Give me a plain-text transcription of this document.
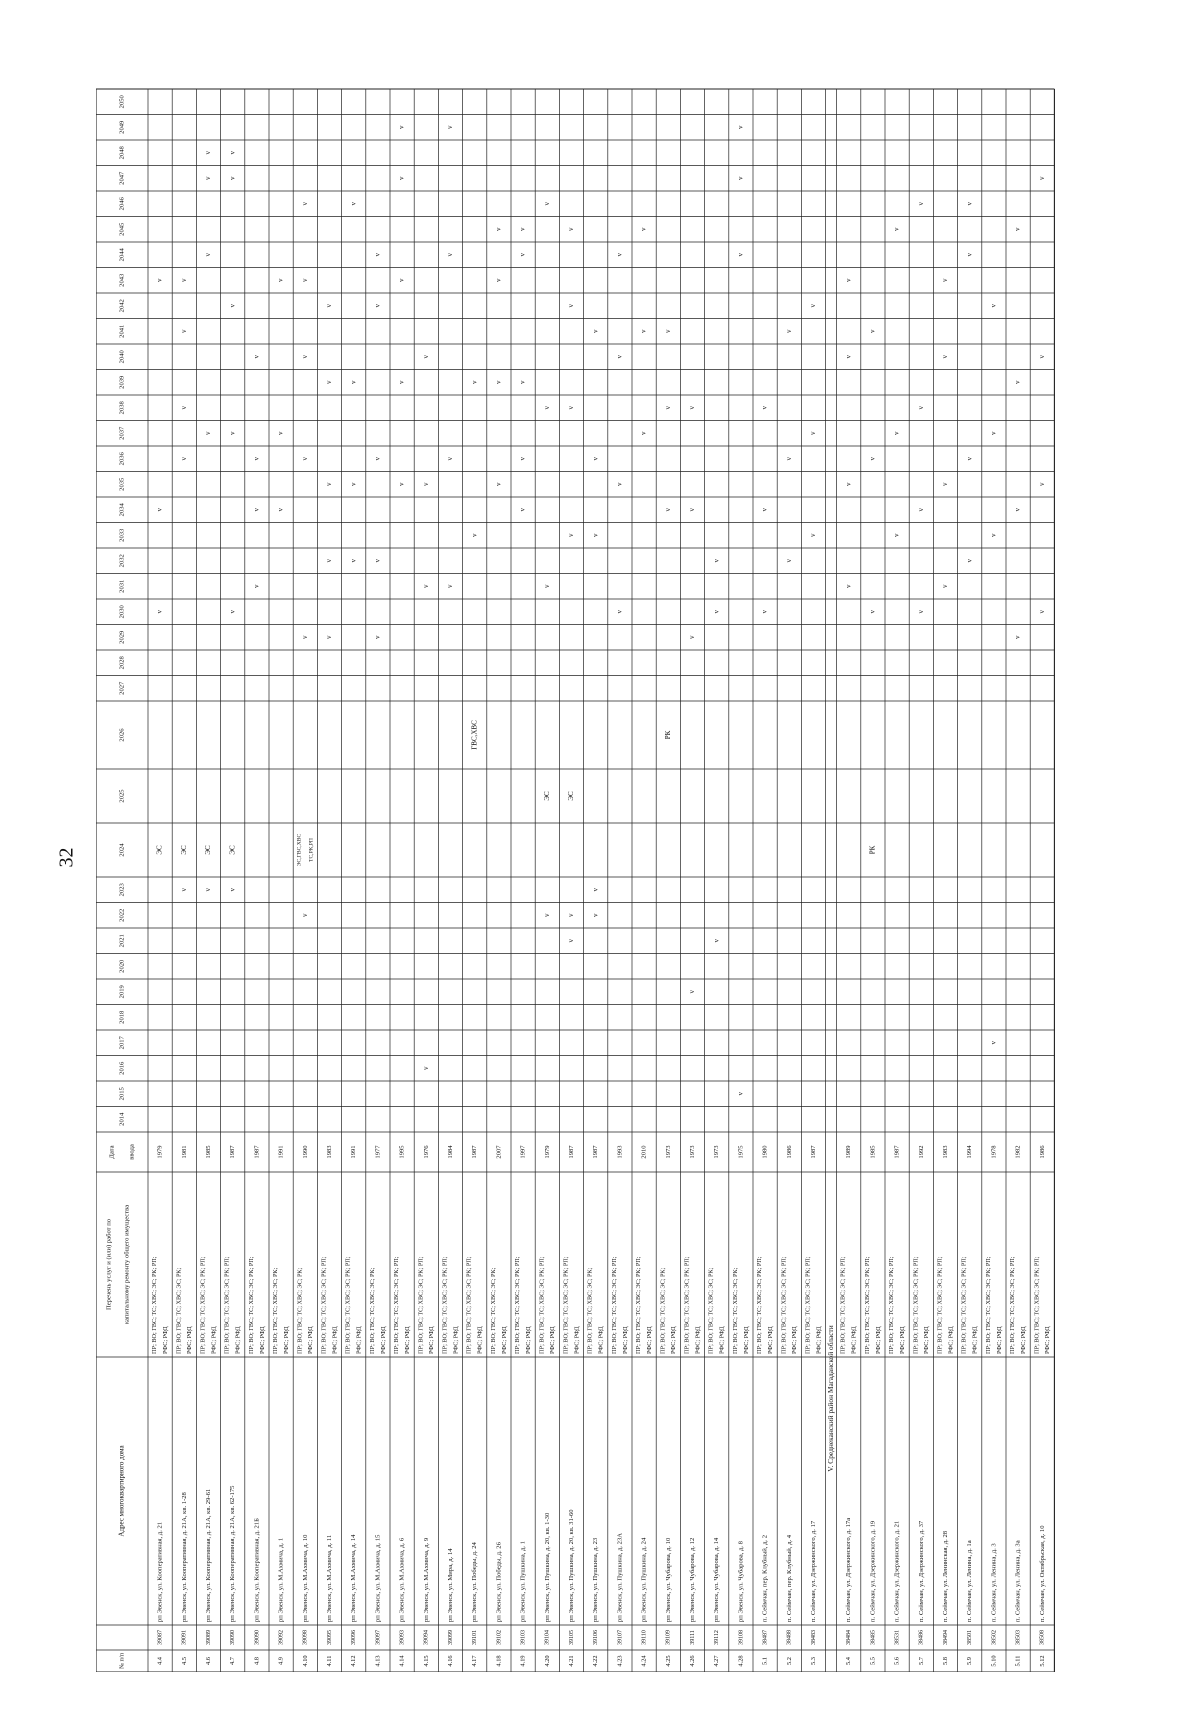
32
№ п/п
Адрес многоквартирного дома
Перечень услуг и (или) работ по капитальному ремонту общего имущества
Дата ввода
2014
2015
2016
2017
2018
2019
2020
2021
2022
2023
2024
2025
2026
2027
2028
2029
2030
2031
2032
2033
2034
2035
2036
2037
2038
2039
2040
2041
2042
2043
2044
2045
2046
2047
2048
2049
2050
4.4
39087
рп Эвенск, ул. Кооперативная, д. 21
ПР; ВО; ГВС; ТС; ХВС; ЭС; РК; РП; РФС; РФД
1979
ЭС
v
v
v
4.5
39091
рп Эвенск, ул. Кооперативная, д. 21А, кв. 1-28
ПР; ВО; ГВС; ТС; ХВС; ЭС; РК; РФС; РФД
1981
ЭС
v
v
v
v
v
4.6
39089
рп Эвенск, ул. Кооперативная, д. 21А, кв. 29-61
ПР; ВО; ГВС; ТС; ХВС; ЭС; РК; РП; РФС; РФД
1985
ЭС
v
v
v
v
v
4.7
39090
рп Эвенск, ул. Кооперативная, д. 21А, кв. 62-175
ПР; ВО; ГВС; ТС; ХВС; ЭС; РК; РП; РФС; РФД
1987
ЭС
v
v
v
v
v
v
4.8
39090
рп Эвенск, ул. Кооперативная, д. 21Б
ПР; ВО; ГВС; ТС; ХВС; ЭС; РК; РП; РФС; РФД
1987
v
v
v
v
4.9
39092
рп Эвенск, ул. М.Ахмича, д. 1
ПР; ВО; ГВС; ТС; ХВС; ЭС; РК; РФС; РФД
1991
v
v
v
4.10
39098
рп Эвенск, ул. М.Ахмича, д. 10
ПР; ВО; ГВС; ТС; ХВС; ЭС; РК; РФС; РФД
1990
ЭС,ГВС,ХВС ТС,РК,РП
v
v
v
v
v
v
4.11
39095
рп Эвенск, ул. М.Ахмича, д. 11
ПР; ВО; ГВС; ТС; ХВС; ЭС; РК; РП; РФС; РФД
1983
v
v
v
v
v
4.12
39096
рп Эвенск, ул. М.Ахмича, д. 14
ПР; ВО; ГВС; ТС; ХВС; ЭС; РК; РП; РФС; РФД
1991
v
v
v
v
4.13
39097
рп Эвенск, ул. М.Ахмича, д. 15
ПР; ВО; ГВС; ТС; ХВС; ЭС; РК; РФС; РФД
1977
v
v
v
v
v
4.14
39093
рп Эвенск, ул. М.Ахмича, д. 6
ПР; ВО; ГВС; ТС; ХВС; ЭС; РК; РП; РФС; РФД
1995
v
v
v
v
v
4.15
39094
рп Эвенск, ул. М.Ахмича, д. 9
ПР; ВО; ГВС; ТС; ХВС; ЭС; РК; РП; РФС; РФД
1976
v
v
v
v
4.16
39099
рп Эвенск, ул. Мира, д. 14
ПР; ВО; ГВС; ТС; ХВС; ЭС; РК; РП; РФС; РФД
1984
v
v
v
v
4.17
39101
рп Эвенск, ул. Победы, д. 24
ПР; ВО; ГВС; ТС; ХВС; ЭС; РК; РП; РФС; РФД
1987
ГВС,ХВС
v
v
4.18
39102
рп Эвенск, ул. Победы, д. 26
ПР; ВО; ГВС; ТС; ХВС; ЭС; РК; РФС; РФД
2007
v
v
v
v
4.19
39103
рп Эвенск, ул. Пушкина, д. 1
ПР; ВО; ГВС; ТС; ХВС; ЭС; РК; РП; РФС; РФД
1997
v
v
v
v
v
4.20
39104
рп Эвенск, ул. Пушкина, д. 20, кв. 1-30
ПР; ВО; ГВС; ТС; ХВС; ЭС; РК; РП; РФС; РФД
1979
ЭС
v
v
v
v
4.21
39105
рп Эвенск, ул. Пушкина, д. 20, кв. 31-60
ПР; ВО; ГВС; ТС; ХВС; ЭС; РК; РП; РФС; РФД
1987
ЭС
v
v
v
v
v
v
4.22
39106
рп Эвенск, ул. Пушкина, д. 23
ПР; ВО; ГВС; ТС; ХВС; ЭС; РК; РФС; РФД
1987
v
v
v
v
v
4.23
39107
рп Эвенск, ул. Пушкина, д. 23А
ПР; ВО; ГВС; ТС; ХВС; ЭС; РК; РП; РФС; РФД
1993
v
v
v
v
4.24
39110
рп Эвенск, ул. Пушкина, д. 24
ПР; ВО; ГВС; ТС; ХВС; ЭС; РК; РП; РФС; РФД
2010
v
v
v
4.25
39109
рп Эвенск, ул. Чубарова, д. 10
ПР; ВО; ГВС; ТС; ХВС; ЭС; РК; РФС; РФД
1973
РК
v
v
v
4.26
39111
рп Эвенск, ул. Чубарова, д. 12
ПР; ВО; ГВС; ТС; ХВС; ЭС; РК; РП; РФС; РФД
1973
v
v
v
v
4.27
39112
рп Эвенск, ул. Чубарова, д. 14
ПР; ВО; ГВС; ТС; ХВС; ЭС; РК; РФС; РФД
1973
v
v
v
4.28
39108
рп Эвенск, ул. Чубарова, д. 8
ПР; ВО; ГВС; ТС; ХВС; ЭС; РК; РФС; РФД
1975
v
v
v
v
5.1
38487
п. Сеймчан, пер. Клубный, д. 2
ПР; ВО; ГВС; ТС; ХВС; ЭС; РК; РП; РФС; РФД
1980
v
v
v
5.2
38488
п. Сеймчан, пер. Клубный, д. 4
ПР; ВО; ГВС; ТС; ХВС; ЭС; РК; РП; РФС; РФД
1986
v
v
v
5.3
38483
п. Сеймчан, ул. Дзержинского, д. 17
ПР; ВО; ГВС; ТС; ХВС; ЭС; РК; РП; РФС; РФД
1987
v
v
v
V. Среднеканский район Магаданской области
5.4
38484
п. Сеймчан, ул. Дзержинского, д. 17а
ПР; ВО; ГВС; ТС; ХВС; ЭС; РК; РП; РФС; РФД
1989
v
v
v
v
5.5
38485
п. Сеймчан, ул. Дзержинского, д. 19
ПР; ВО; ГВС; ТС; ХВС; ЭС; РК; РП; РФС; РФД
1985
РК
v
v
v
5.6
38531
п. Сеймчан, ул. Дзержинского, д. 21
ПР; ВО; ГВС; ТС; ХВС; ЭС; РК; РП; РФС; РФД
1987
v
v
v
5.7
38486
п. Сеймчан, ул. Дзержинского, д. 37
ПР; ВО; ГВС; ТС; ХВС; ЭС; РК; РП; РФС; РФД
1992
v
v
v
v
5.8
38494
п. Сеймчан, ул. Ленинская, д. 28
ПР; ВО; ГВС; ТС; ХВС; ЭС; РК; РП; РФС; РФД
1983
v
v
v
v
5.9
38501
п. Сеймчан, ул. Ленина, д. 1а
ПР; ВО; ГВС; ТС; ХВС; ЭС; РК; РП; РФС; РФД
1994
v
v
v
v
5.10
38502
п. Сеймчан, ул. Ленина, д. 3
ПР; ВО; ГВС; ТС; ХВС; ЭС; РК; РП; РФС; РФД
1978
v
v
v
v
5.11
38503
п. Сеймчан, ул. Ленина, д. 3а
ПР; ВО; ГВС; ТС; ХВС; ЭС; РК; РП; РФС; РФД
1982
v
v
v
v
5.12
38508
п. Сеймчан, ул. Октябрьская, д. 10
ПР; ВО; ГВС; ТС; ХВС; ЭС; РК; РП; РФС; РФД
1986
v
v
v
v
